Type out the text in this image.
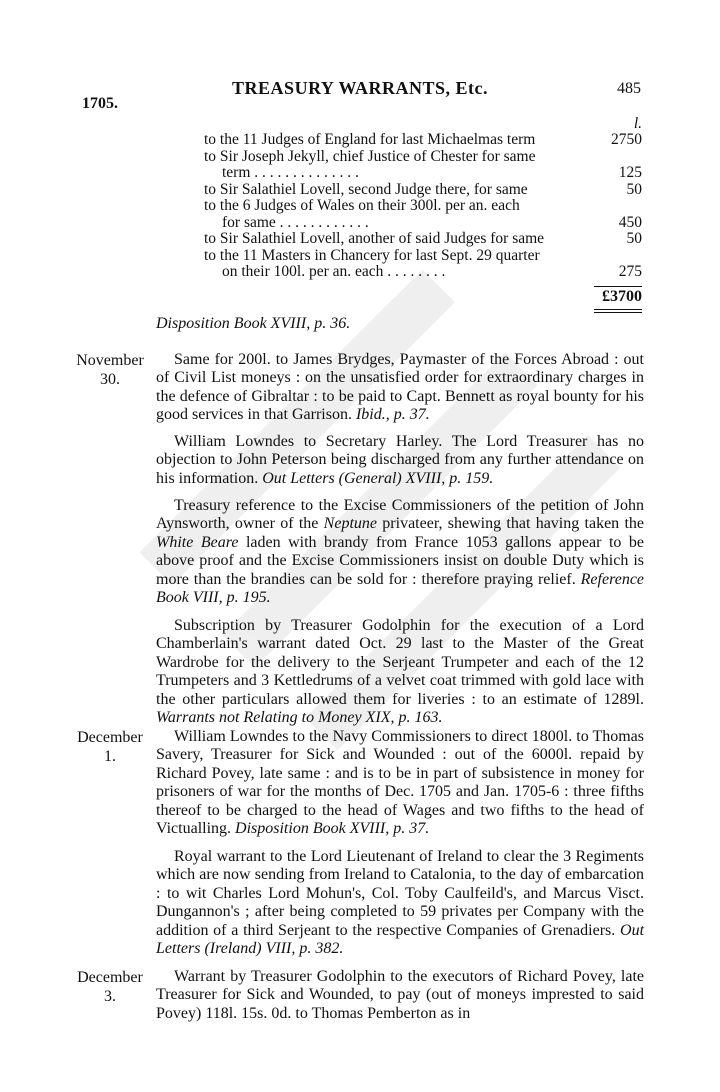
TREASURY WARRANTS, Etc.
1705.
485
l.
to the 11 Judges of England for last Michaelmas term	2750
to Sir Joseph Jekyll, chief Justice of Chester for same
term . . . . . . . . . . . . . .	125
to Sir Salathiel Lovell, second Judge there, for same	50
to the 6 Judges of Wales on their 300l. per an. each
for same . . . . . . . . . . . .	450
to Sir Salathiel Lovell, another of said Judges for same	50
to the 11 Masters in Chancery for last Sept. 29 quarter
on their 100l. per an. each . . . . . . . .	275
£3700
Disposition Book XVIII, p. 36.
November
30.

Same for 200l. to James Brydges, Paymaster of the Forces Abroad : out of Civil List moneys : on the unsatisfied order for extraordinary charges in the defence of Gibraltar : to be paid to Capt. Bennett as royal bounty for his good services in that Garrison. Ibid., p. 37.

William Lowndes to Secretary Harley. The Lord Treasurer has no objection to John Peterson being discharged from any further attendance on his information. Out Letters (General) XVIII, p. 159.

Treasury reference to the Excise Commissioners of the petition of John Aynsworth, owner of the Neptune privateer, shewing that having taken the White Beare laden with brandy from France 1053 gallons appear to be above proof and the Excise Commissioners insist on double Duty which is more than the brandies can be sold for : therefore praying relief. Reference Book VIII, p. 195.

Subscription by Treasurer Godolphin for the execution of a Lord Chamberlain's warrant dated Oct. 29 last to the Master of the Great Wardrobe for the delivery to the Serjeant Trumpeter and each of the 12 Trumpeters and 3 Kettledrums of a velvet coat trimmed with gold lace with the other particulars allowed them for liveries : to an estimate of 1289l. Warrants not Relating to Money XIX, p. 163.

December
1.

William Lowndes to the Navy Commissioners to direct 1800l. to Thomas Savery, Treasurer for Sick and Wounded : out of the 6000l. repaid by Richard Povey, late same : and is to be in part of subsistence in money for prisoners of war for the months of Dec. 1705 and Jan. 1705-6 : three fifths thereof to be charged to the head of Wages and two fifths to the head of Victualling. Disposition Book XVIII, p. 37.

Royal warrant to the Lord Lieutenant of Ireland to clear the 3 Regiments which are now sending from Ireland to Catalonia, to the day of embarcation : to wit Charles Lord Mohun's, Col. Toby Caulfeild's, and Marcus Visct. Dungannon's ; after being completed to 59 privates per Company with the addition of a third Serjeant to the respective Companies of Grenadiers. Out Letters (Ireland) VIII, p. 382.

December
3.

Warrant by Treasurer Godolphin to the executors of Richard Povey, late Treasurer for Sick and Wounded, to pay (out of moneys imprested to said Povey) 118l. 15s. 0d. to Thomas Pemberton as in
